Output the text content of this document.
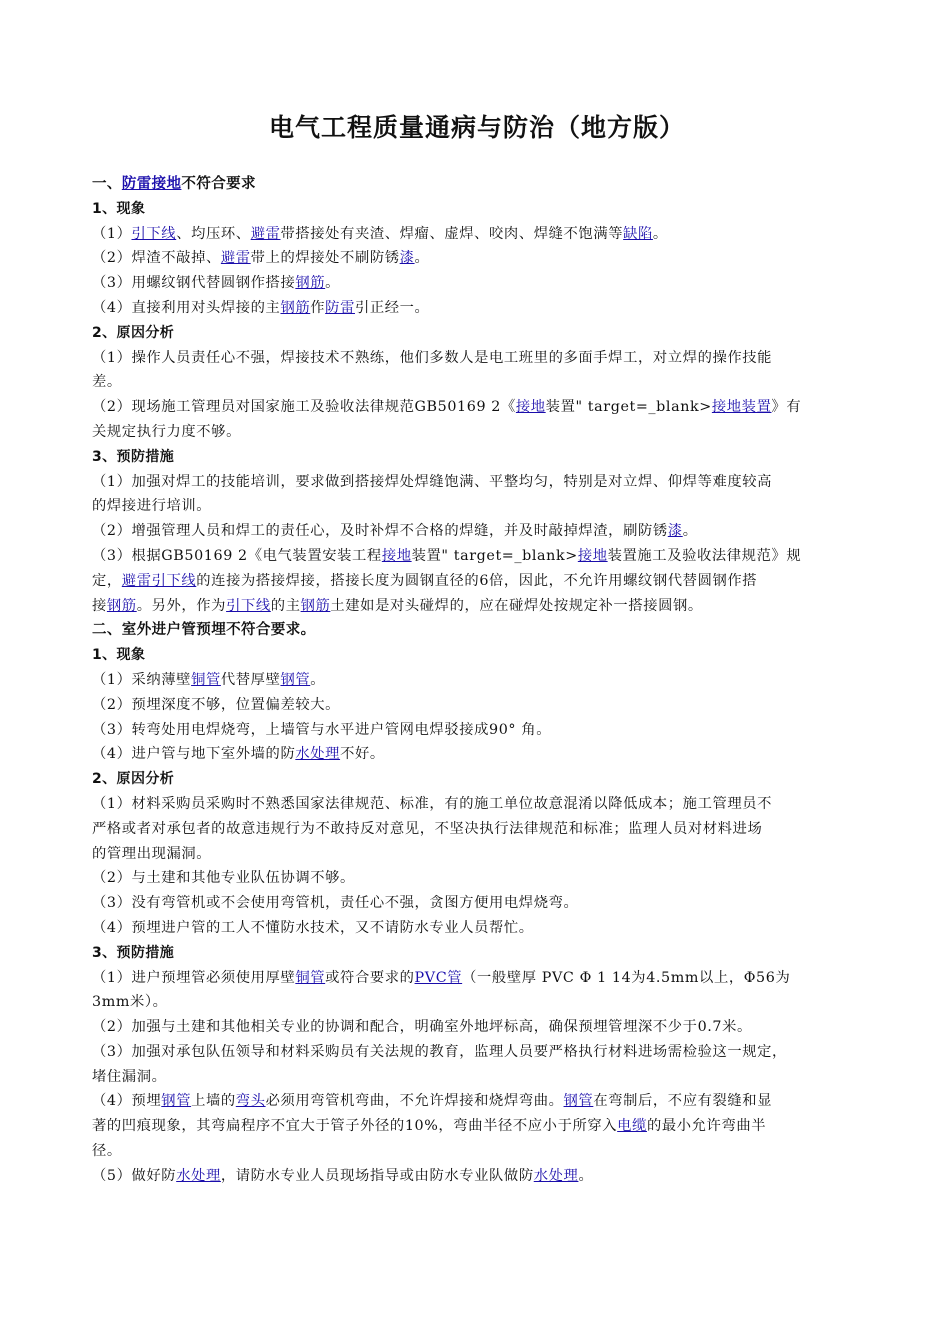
电气工程质量通病与防治（地方版）
一、防雷接地不符合要求
1、现象
（1）引下线、均压环、避雷带搭接处有夹渣、焊瘤、虚焊、咬肉、焊缝不饱满等缺陷。
（2）焊渣不敲掉、避雷带上的焊接处不刷防锈漆。
（3）用螺纹钢代替圆钢作搭接钢筋。
（4）直接利用对头焊接的主钢筋作防雷引正经一。
2、原因分析
（1）操作人员责任心不强，焊接技术不熟练，他们多数人是电工班里的多面手焊工，对立焊的操作技能
差。
（2）现场施工管理员对国家施工及验收法律规范GB50169 2《接地装置" target=_blank>接地装置》有
关规定执行力度不够。
3、预防措施
（1）加强对焊工的技能培训，要求做到搭接焊处焊缝饱满、平整均匀，特别是对立焊、仰焊等难度较高
的焊接进行培训。
（2）增强管理人员和焊工的责任心，及时补焊不合格的焊缝，并及时敲掉焊渣，刷防锈漆。
（3）根据GB50169 2《电气装置安装工程接地装置" target=_blank>接地装置施工及验收法律规范》规
定，避雷引下线的连接为搭接焊接，搭接长度为圆钢直径的6倍，因此，不允许用螺纹钢代替圆钢作搭
接钢筋。另外，作为引下线的主钢筋土建如是对头碰焊的，应在碰焊处按规定补一搭接圆钢。
二、室外进户管预埋不符合要求。
1、现象
（1）采纳薄壁铜管代替厚壁钢管。
（2）预埋深度不够，位置偏差较大。
（3）转弯处用电焊烧弯，上墙管与水平进户管网电焊驳接成90° 角。
（4）进户管与地下室外墙的防水处理不好。
2、原因分析
（1）材料采购员采购时不熟悉国家法律规范、标准，有的施工单位故意混淆以降低成本；施工管理员不
严格或者对承包者的故意违规行为不敢持反对意见，不坚决执行法律规范和标准；监理人员对材料进场
的管理出现漏洞。
（2）与土建和其他专业队伍协调不够。
（3）没有弯管机或不会使用弯管机，责任心不强，贪图方便用电焊烧弯。
（4）预埋进户管的工人不懂防水技术，又不请防水专业人员帮忙。
3、预防措施
（1）进户预埋管必须使用厚壁铜管或符合要求的PVC管（一般壁厚 PVC Φ 1 14为4.5mm以上，Φ56为
3mm米）。
（2）加强与土建和其他相关专业的协调和配合，明确室外地坪标高，确保预埋管埋深不少于0.7米。
（3）加强对承包队伍领导和材料采购员有关法规的教育，监理人员要严格执行材料进场需检验这一规定，
堵住漏洞。
（4）预埋钢管上墙的弯头必须用弯管机弯曲，不允许焊接和烧焊弯曲。钢管在弯制后，不应有裂缝和显
著的凹痕现象，其弯扁程序不宜大于管子外径的10%，弯曲半径不应小于所穿入电缆的最小允许弯曲半
径。
（5）做好防水处理，请防水专业人员现场指导或由防水专业队做防水处理。
